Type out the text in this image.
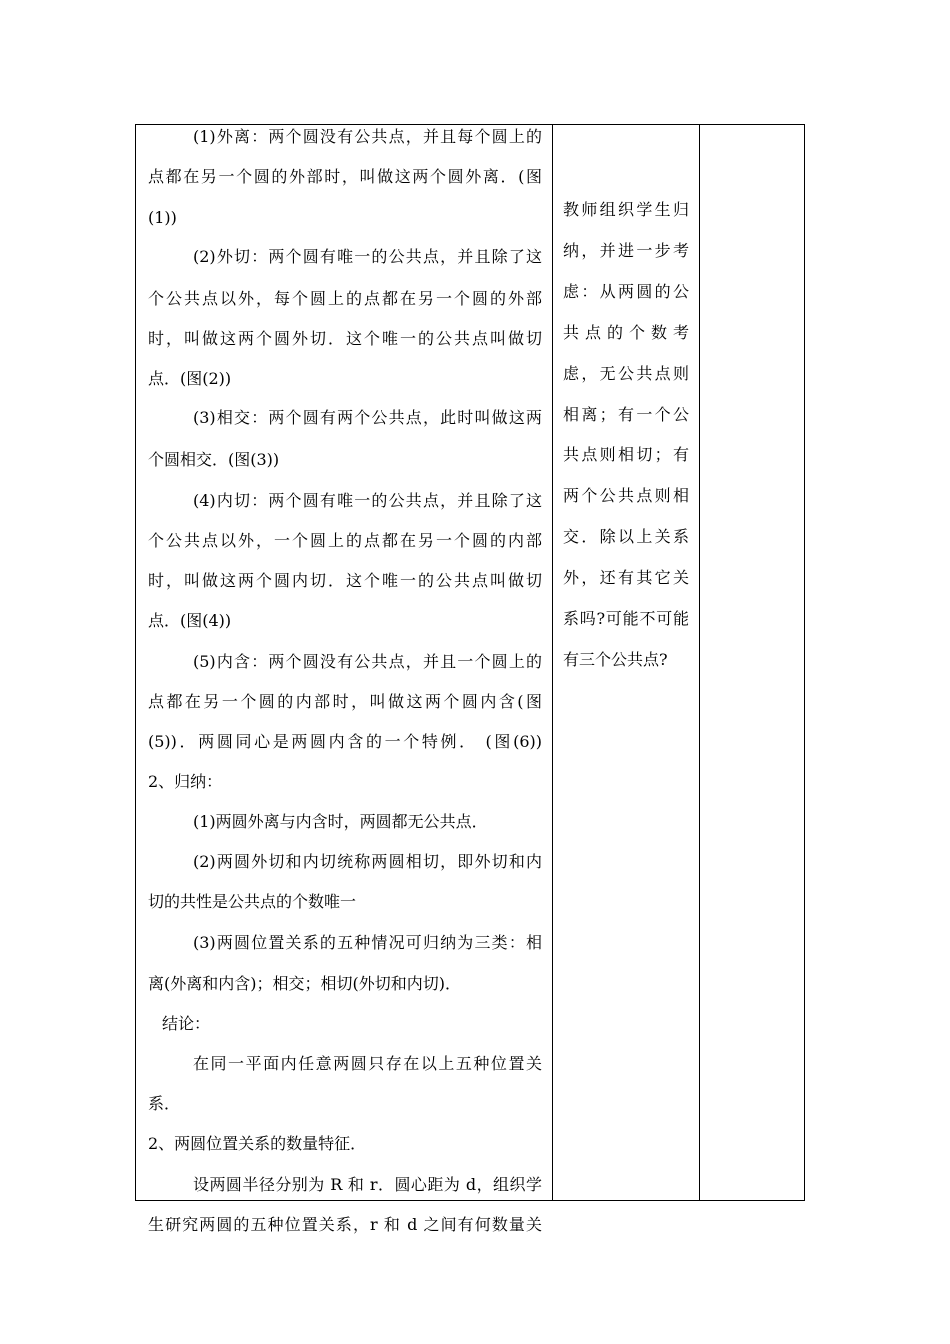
(1)外离：两个圆没有公共点，并且每个圆上的
点都在另一个圆的外部时，叫做这两个圆外离．(图
(1))
(2)外切：两个圆有唯一的公共点，并且除了这
个公共点以外，每个圆上的点都在另一个圆的外部
时，叫做这两个圆外切．这个唯一的公共点叫做切
点．(图(2))
(3)相交：两个圆有两个公共点，此时叫做这两
个圆相交．(图(3))
(4)内切：两个圆有唯一的公共点，并且除了这
个公共点以外，一个圆上的点都在另一个圆的内部
时，叫做这两个圆内切．这个唯一的公共点叫做切
点．(图(4))
(5)内含：两个圆没有公共点，并且一个圆上的
点都在另一个圆的内部时，叫做这两个圆内含(图
(5))．两圆同心是两圆内含的一个特例． (图(6))
2、归纳：
(1)两圆外离与内含时，两圆都无公共点．
(2)两圆外切和内切统称两圆相切，即外切和内
切的共性是公共点的个数唯一
(3)两圆位置关系的五种情况可归纳为三类：相
离(外离和内含)；相交；相切(外切和内切)．
结论：
在同一平面内任意两圆只存在以上五种位置关
系．
2、两圆位置关系的数量特征．
设两圆半径分别为 R 和 r．圆心距为 d，组织学
生研究两圆的五种位置关系，r 和 d 之间有何数量关
教师组织学生归
纳，并进一步考
虑：从两圆的公
共点的个数考
虑，无公共点则
相离；有一个公
共点则相切；有
两个公共点则相
交．除以上关系
外，还有其它关
系吗?可能不可能
有三个公共点?
